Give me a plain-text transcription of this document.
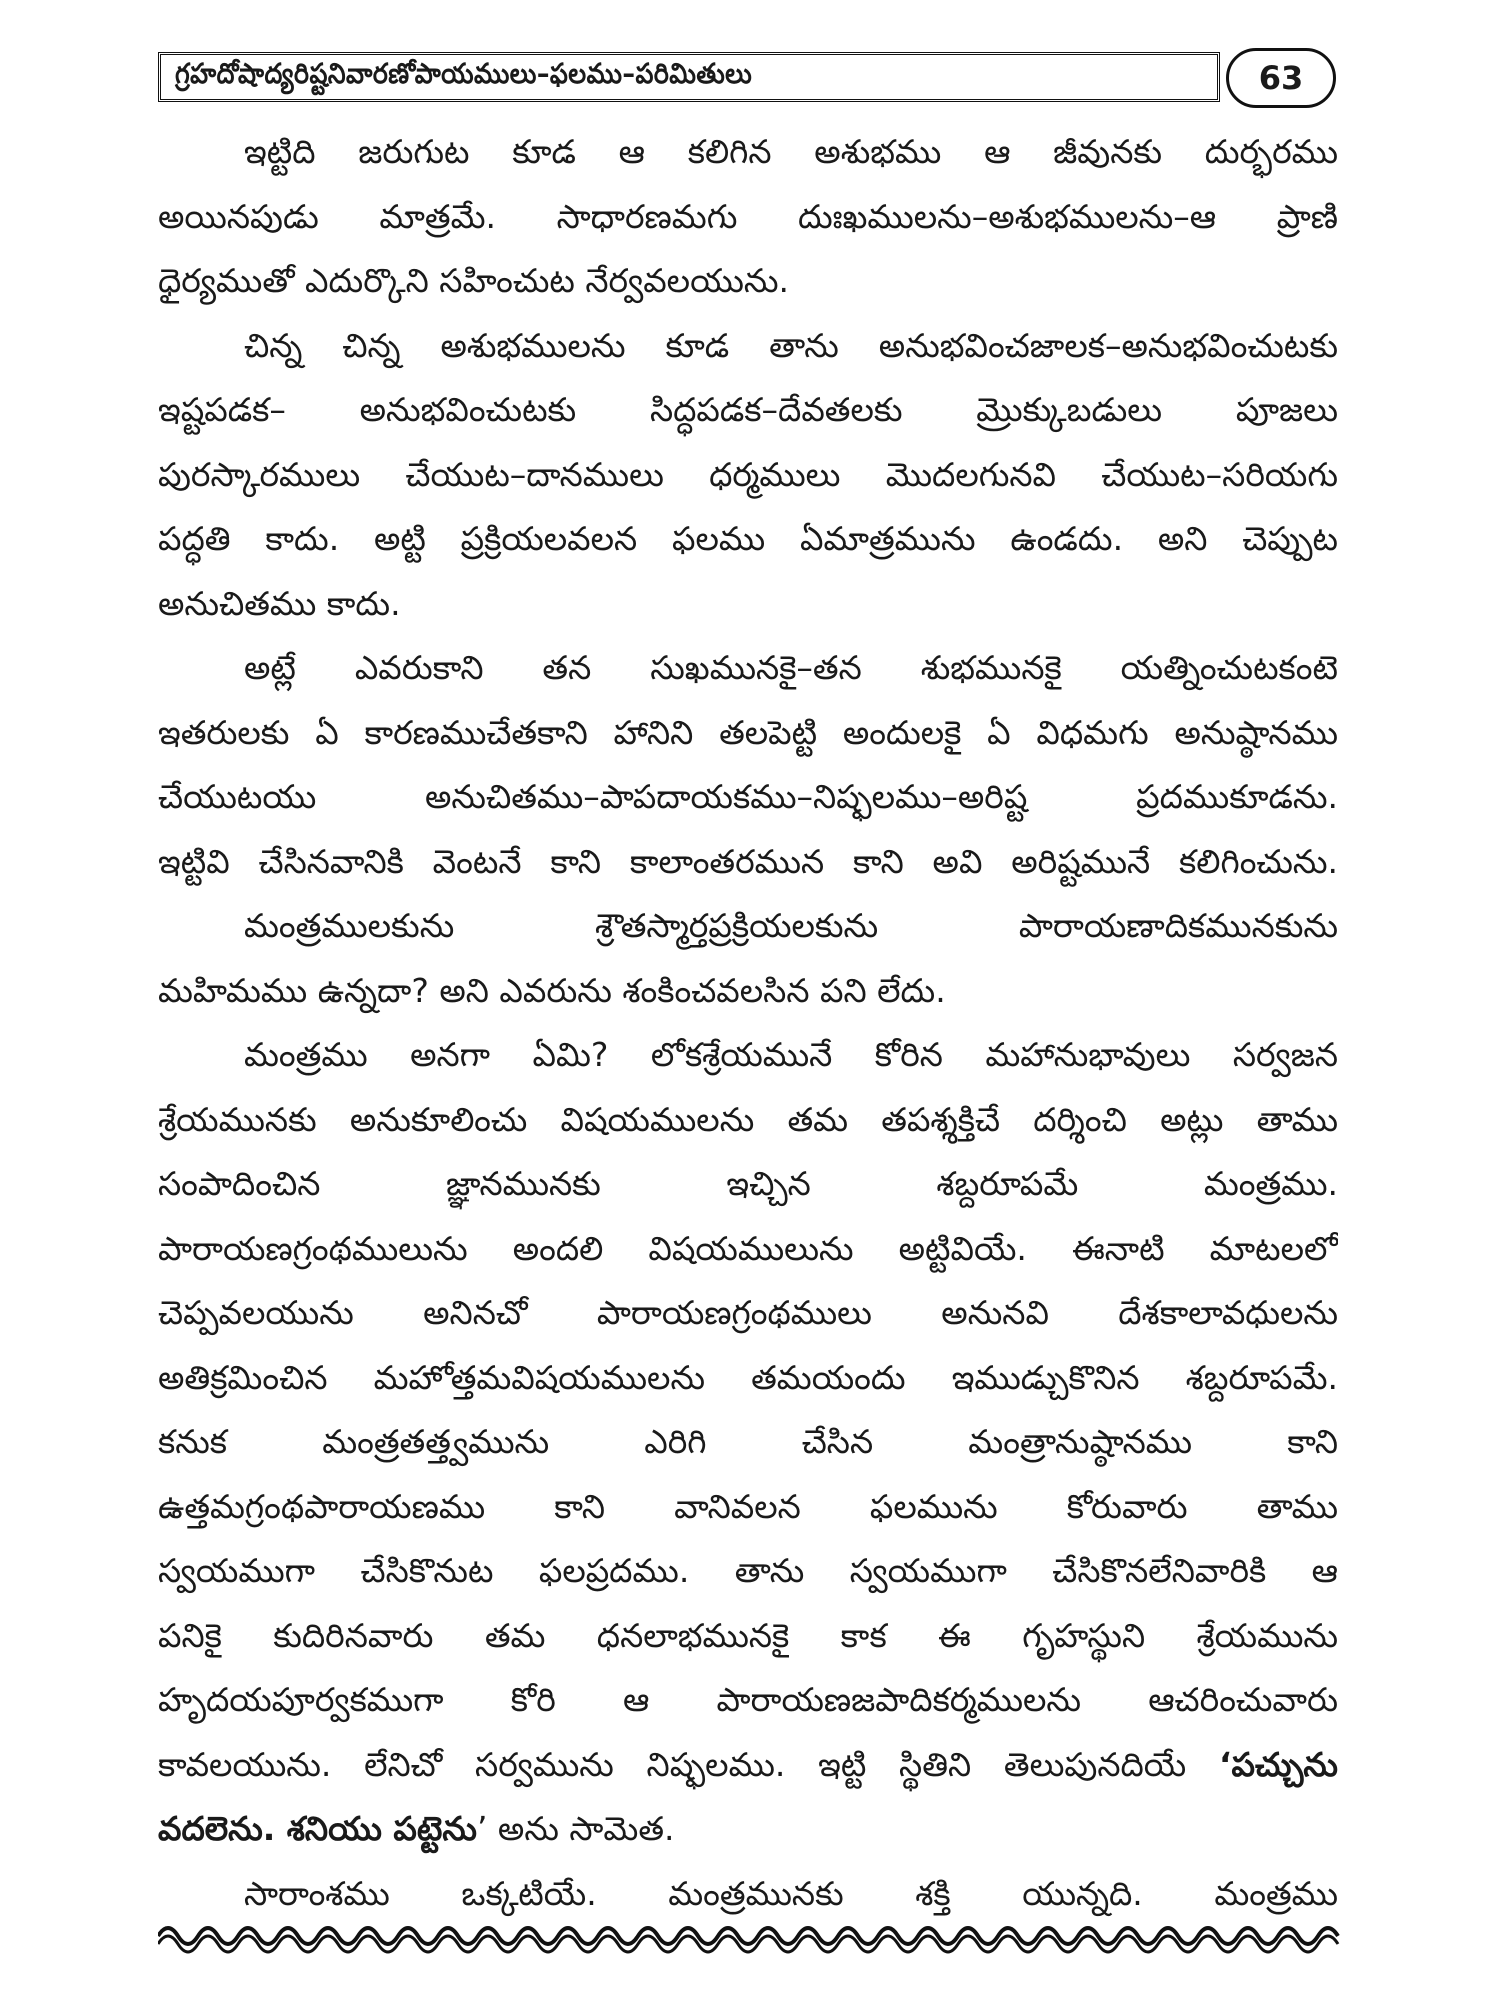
గ్రహదోషాద్యరిష్టనివారణోపాయములు–ఫలము–పరిమితులు	63
ఇట్టిది జరుగుట కూడ ఆ కలిగిన అశుభము ఆ జీవునకు దుర్భరము
అయినపుడు మాత్రమే. సాధారణమగు దుఃఖములను–అశుభములను–ఆ ప్రాణి
ధైర్యముతో ఎదుర్కొని సహించుట నేర్వవలయును.
చిన్న చిన్న అశుభములను కూడ తాను అనుభవించజాలక–అనుభవించుటకు
ఇష్టపడక– అనుభవించుటకు సిద్ధపడక–దేవతలకు మ్రొక్కుబడులు పూజలు
పురస్కారములు చేయుట–దానములు ధర్మములు మొదలగునవి చేయుట–సరియగు
పద్ధతి కాదు. అట్టి ప్రక్రియలవలన ఫలము ఏమాత్రమును ఉండదు. అని చెప్పుట
అనుచితము కాదు.
అట్లే ఎవరుకాని తన సుఖమునకై–తన శుభమునకై యత్నించుటకంటె
ఇతరులకు ఏ కారణముచేతకాని హానిని తలపెట్టి అందులకై ఏ విధమగు అనుష్ఠానము
చేయుటయు అనుచితము–పాపదాయకము–నిష్ఫలము–అరిష్ట ప్రదముకూడను.
ఇట్టివి చేసినవానికి వెంటనే కాని కాలాంతరమున కాని అవి అరిష్టమునే కలిగించును.
మంత్రములకును శ్రౌతస్మార్తప్రక్రియలకును పారాయణాదికమునకును
మహిమము ఉన్నదా? అని ఎవరును శంకించవలసిన పని లేదు.
మంత్రము అనగా ఏమి? లోకశ్రేయమునే కోరిన మహానుభావులు సర్వజన
శ్రేయమునకు అనుకూలించు విషయములను తమ తపశ్శక్తిచే దర్శించి అట్లు తాము
సంపాదించిన జ్ఞానమునకు ఇచ్చిన శబ్దరూపమే మంత్రము.
పారాయణగ్రంథములును అందలి విషయములును అట్టివియే. ఈనాటి మాటలలో
చెప్పవలయును అనినచో పారాయణగ్రంథములు అనునవి దేశకాలావధులను
అతిక్రమించిన మహోత్తమవిషయములను తమయందు ఇముడ్చుకొనిన శబ్దరూపమే.
కనుక మంత్రతత్త్వమును ఎరిగి చేసిన మంత్రానుష్ఠానము కాని
ఉత్తమగ్రంథపారాయణము కాని వానివలన ఫలమును కోరువారు తాము
స్వయముగా చేసికొనుట ఫలప్రదము. తాను స్వయముగా చేసికొనలేనివారికి ఆ
పనికై కుదిరినవారు తమ ధనలాభమునకై కాక ఈ గృహస్థుని శ్రేయమును
హృదయపూర్వకముగా కోరి ఆ పారాయణజపాదికర్మములను ఆచరించువారు
కావలయును. లేనిచో సర్వమును నిష్ఫలము. ఇట్టి స్థితిని తెలుపునదియే ‘పచ్చును
వదలెను. శనియు పట్టెను’ అను సామెత.
సారాంశము ఒక్కటియే. మంత్రమునకు శక్తి యున్నది. మంత్రము
